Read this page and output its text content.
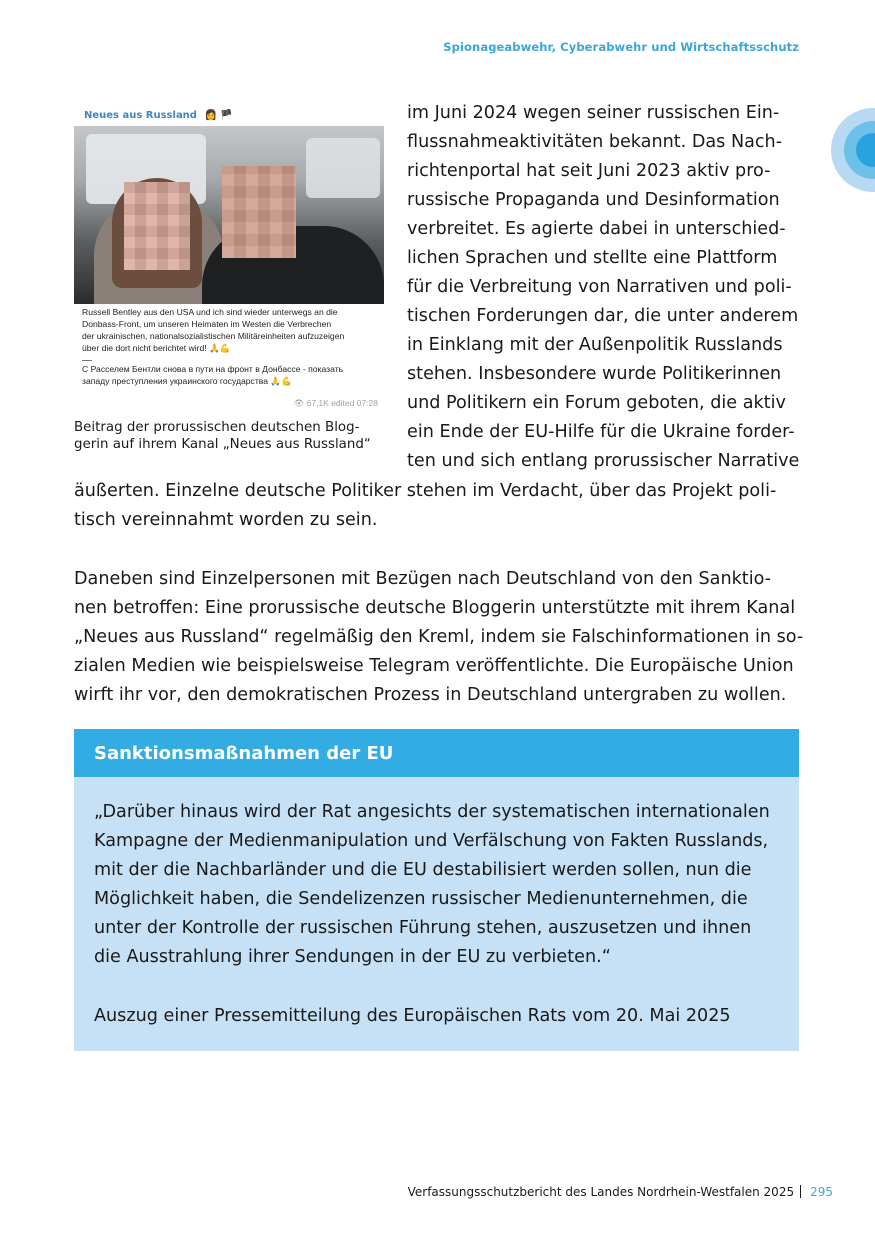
Spionageabwehr, Cyberabwehr und Wirtschaftsschutz
Neues aus Russland 👩 🏴
Russell Bentley aus den USA und ich sind wieder unterwegs an die
Donbass-Front, um unseren Heimaten im Westen die Verbrechen
der ukrainischen, nationalsozialistischen Militäreinheiten aufzuzeigen
über die dort nicht berichtet wird! 🙏💪
С Расселем Бентли снова в пути на фронт в Донбассе - показать
западу преступления украинского государства 🙏💪
👁 67,1K edited 07:28
Beitrag der prorussischen deutschen Blog-
gerin auf ihrem Kanal „Neues aus Russland“
im Juni 2024 wegen seiner russischen Ein-
flussnahmeaktivitäten bekannt. Das Nach-
richtenportal hat seit Juni 2023 aktiv pro-
russische Propaganda und Desinformation
verbreitet. Es agierte dabei in unterschied-
lichen Sprachen und stellte eine Plattform
für die Verbreitung von Narrativen und poli-
tischen Forderungen dar, die unter anderem
in Einklang mit der Außenpolitik Russlands
stehen. Insbesondere wurde Politikerinnen
und Politikern ein Forum geboten, die aktiv
ein Ende der EU-Hilfe für die Ukraine forder-
ten und sich entlang prorussischer Narrative
äußerten. Einzelne deutsche Politiker stehen im Verdacht, über das Projekt poli-
tisch vereinnahmt worden zu sein.
Daneben sind Einzelpersonen mit Bezügen nach Deutschland von den Sanktio-
nen betroffen: Eine prorussische deutsche Bloggerin unterstützte mit ihrem Kanal
„Neues aus Russland“ regelmäßig den Kreml, indem sie Falschinformationen in so-
zialen Medien wie beispielsweise Telegram veröffentlichte. Die Europäische Union
wirft ihr vor, den demokratischen Prozess in Deutschland untergraben zu wollen.
Sanktionsmaßnahmen der EU
„Darüber hinaus wird der Rat angesichts der systematischen internationalen
Kampagne der Medienmanipulation und Verfälschung von Fakten Russlands,
mit der die Nachbarländer und die EU destabilisiert werden sollen, nun die
Möglichkeit haben, die Sendelizenzen russischer Medienunternehmen, die
unter der Kontrolle der russischen Führung stehen, auszusetzen und ihnen
die Ausstrahlung ihrer Sendungen in der EU zu verbieten.“
Auszug einer Pressemitteilung des Europäischen Rats vom 20. Mai 2025
Verfassungsschutzbericht des Landes Nordrhein-Westfalen 2025 295
